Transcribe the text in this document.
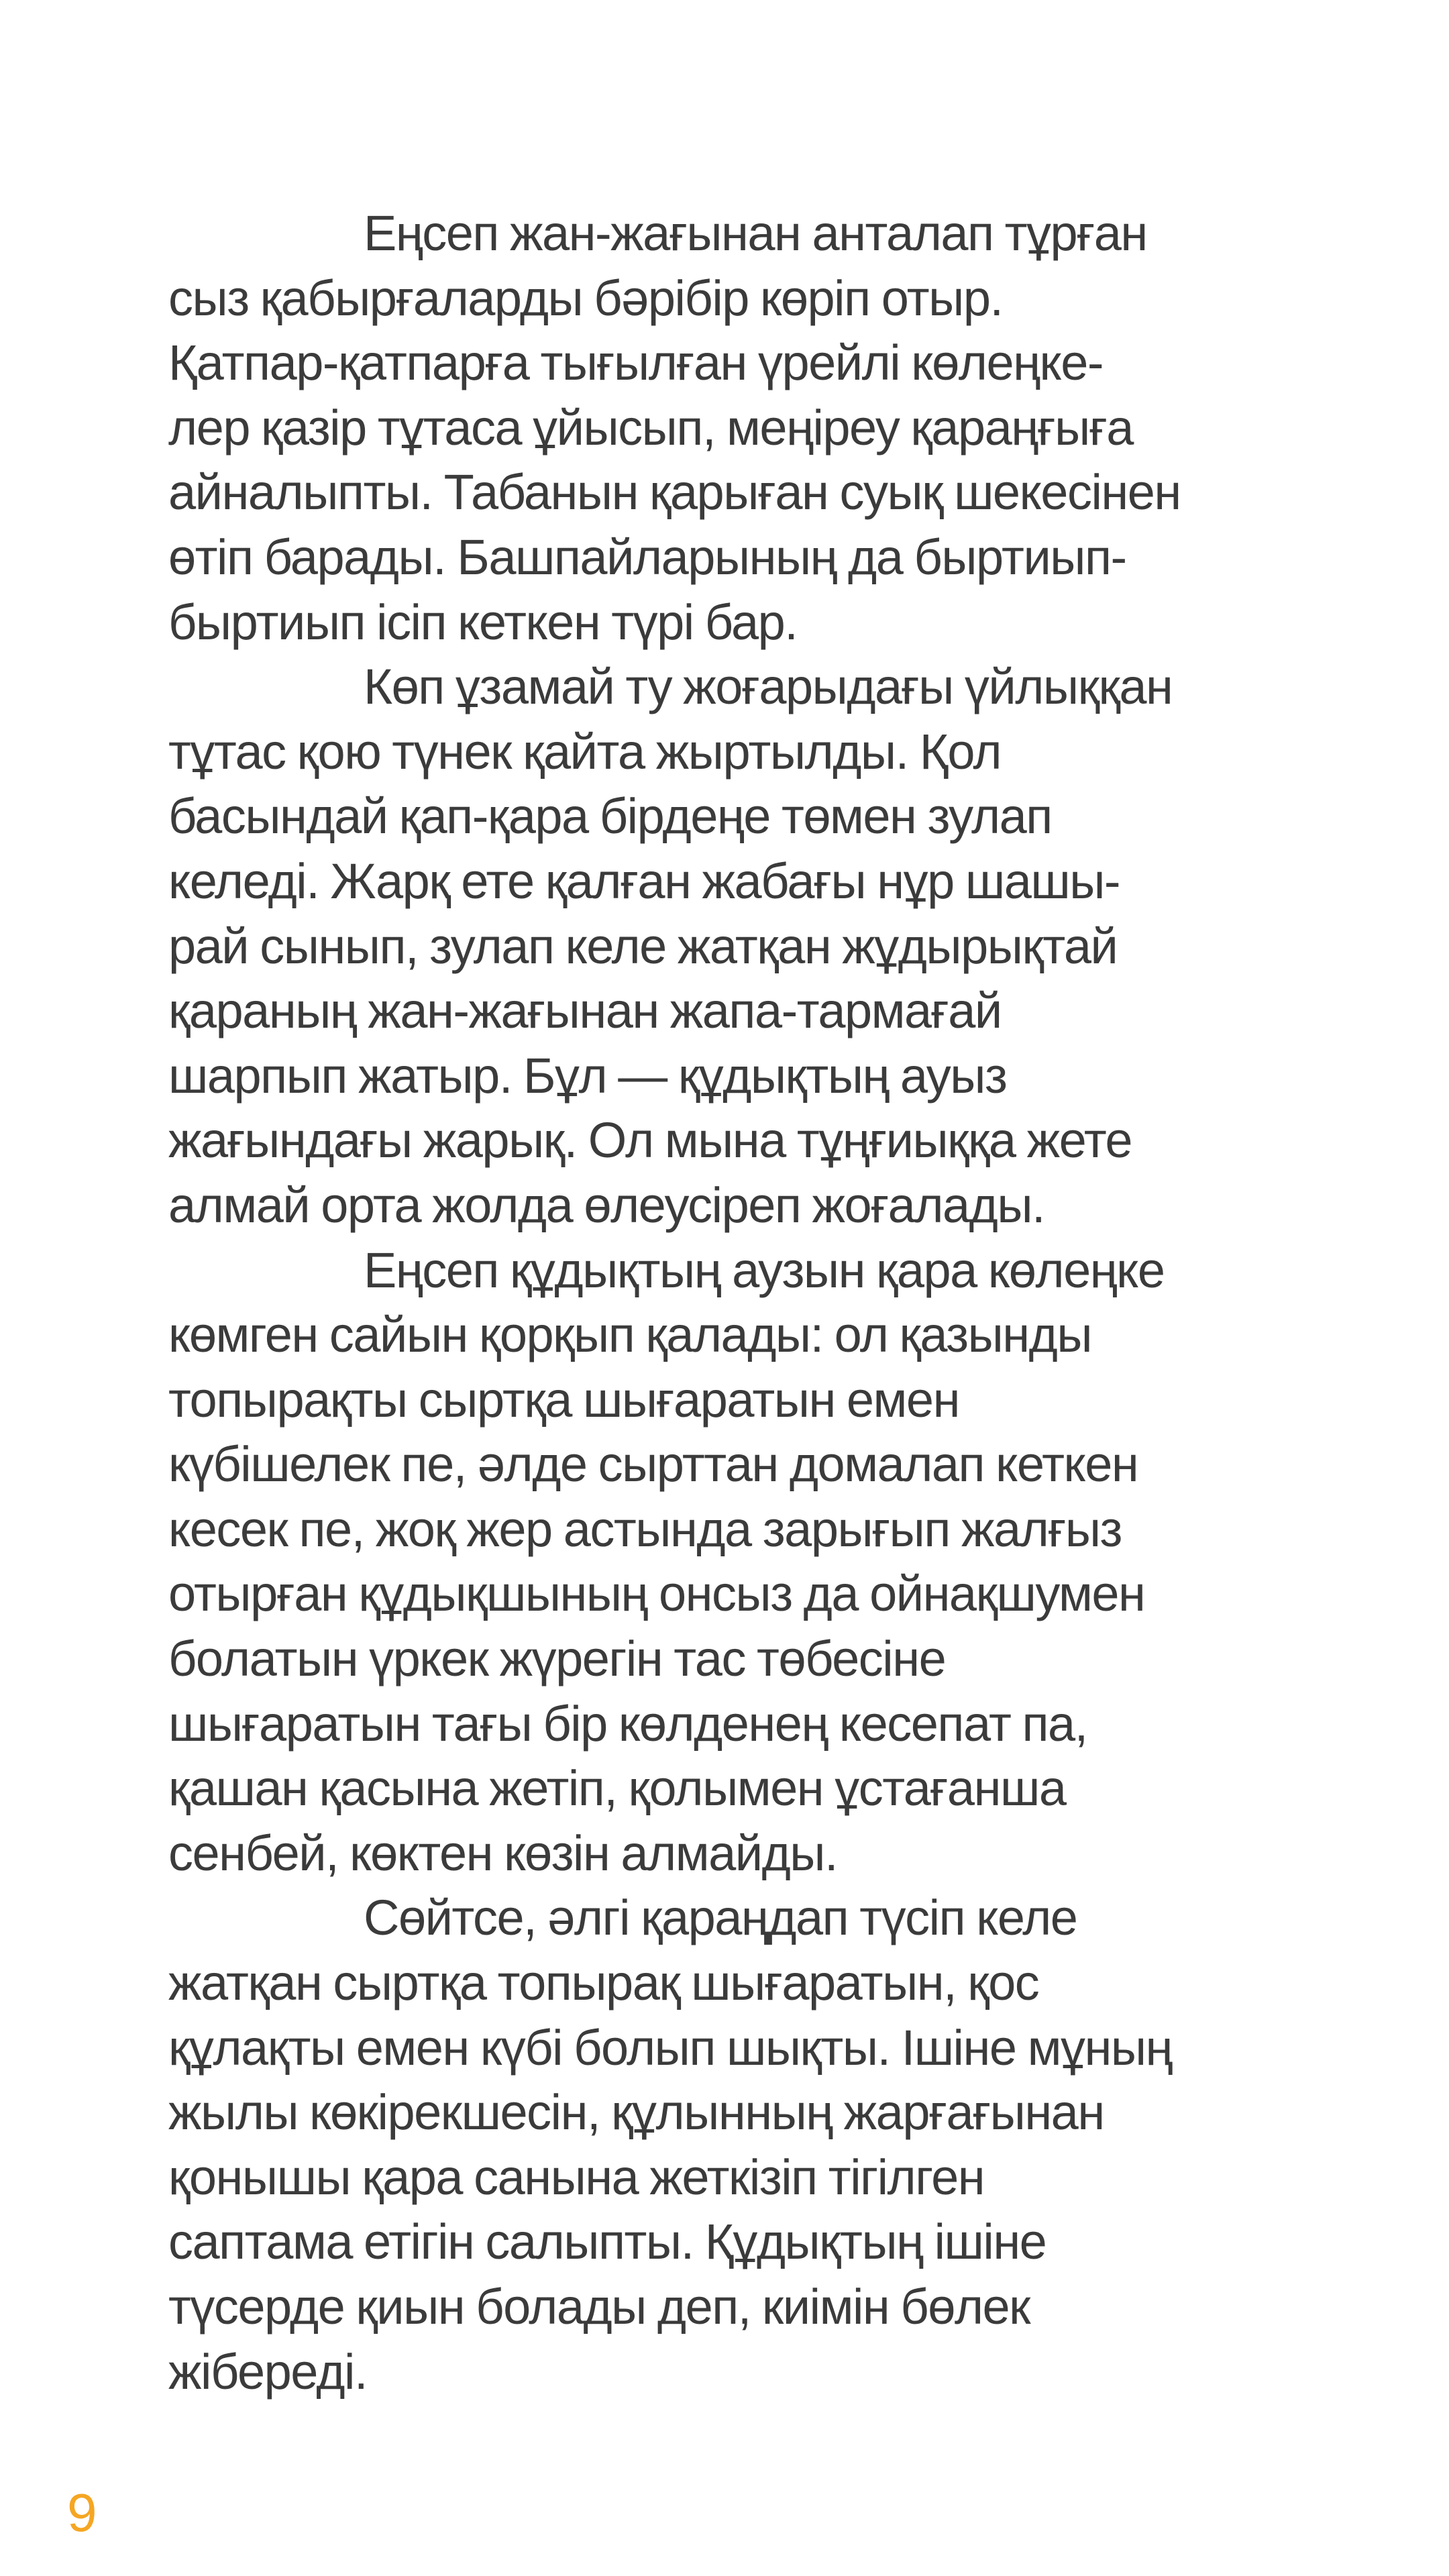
Еңсеп жан-жағынан анталап тұрған
сыз қабырғаларды бәрібір көріп отыр.
Қатпар-қатпарға тығылған үрейлі көлеңке-
лер қазір тұтаса ұйысып, меңіреу қараңғыға
айналыпты. Табанын қарыған суық шекесінен
өтіп барады. Башпайларының да быртиып-
быртиып ісіп кеткен түрі бар.
Көп ұзамай ту жоғарыдағы үйлыққан
тұтас қою түнек қайта жыртылды. Қол
басындай қап-қара бірдеңе төмен зулап
келеді. Жарқ ете қалған жабағы нұр шашы-
рай сынып, зулап келе жатқан жұдырықтай
қараның жан-жағынан жапа-тармағай
шарпып жатыр. Бұл — құдықтың ауыз
жағындағы жарық. Ол мына тұңғиыққа жете
алмай орта жолда өлеусіреп жоғалады.
Еңсеп құдықтың аузын қара көлеңке
көмген сайын қорқып қалады: ол қазынды
топырақты сыртқа шығаратын емен
күбішелек пе, әлде сырттан домалап кеткен
кесек пе, жоқ жер астында зарығып жалғыз
отырған құдықшының онсыз да ойнақшумен
болатын үркек жүрегін тас төбесіне
шығаратын тағы бір көлденең кесепат па,
қашан қасына жетіп, қолымен ұстағанша
сенбей, көктен көзін алмайды.
Сөйтсе, әлгі қараңдап түсіп келе
жатқан сыртқа топырақ шығаратын, қос
құлақты емен күбі болып шықты. Ішіне мұның
жылы көкірекшесін, құлынның жарғағынан
қонышы қара санына жеткізіп тігілген
саптама етігін салыпты. Құдықтың ішіне
түсерде қиын болады деп, киімін бөлек
жібереді.
9
